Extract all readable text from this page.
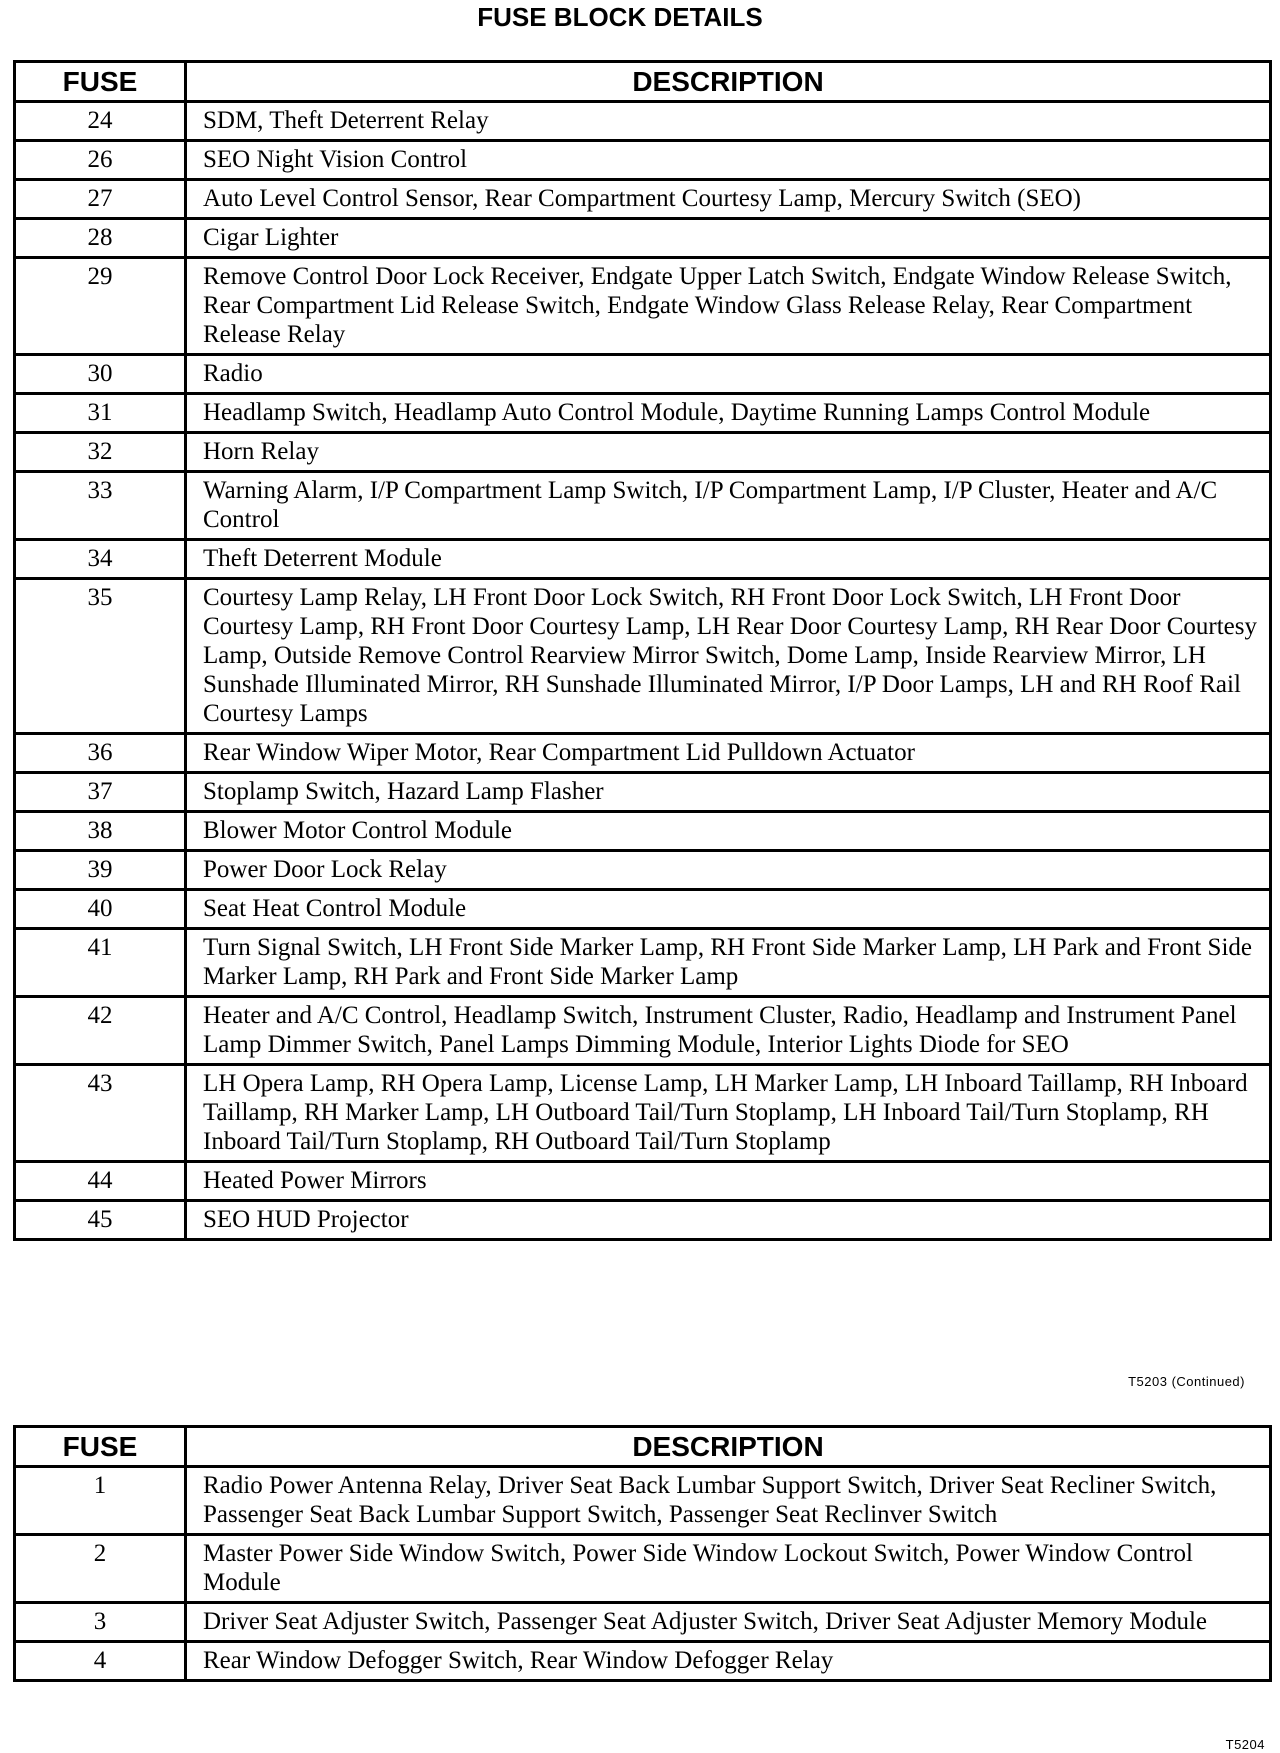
FUSE BLOCK DETAILS
FUSE	DESCRIPTION
24	SDM, Theft Deterrent Relay
26	SEO Night Vision Control
27	Auto Level Control Sensor, Rear Compartment Courtesy Lamp, Mercury Switch (SEO)
28	Cigar Lighter
29	Remove Control Door Lock Receiver, Endgate Upper Latch Switch, Endgate Window Release Switch, Rear Compartment Lid Release Switch, Endgate Window Glass Release Relay, Rear Compartment Release Relay
30	Radio
31	Headlamp Switch, Headlamp Auto Control Module, Daytime Running Lamps Control Module
32	Horn Relay
33	Warning Alarm, I/P Compartment Lamp Switch, I/P Compartment Lamp, I/P Cluster, Heater and A/C Control
34	Theft Deterrent Module
35	Courtesy Lamp Relay, LH Front Door Lock Switch, RH Front Door Lock Switch, LH Front Door Courtesy Lamp, RH Front Door Courtesy Lamp, LH Rear Door Courtesy Lamp, RH Rear Door Courtesy Lamp, Outside Remove Control Rearview Mirror Switch, Dome Lamp, Inside Rearview Mirror, LH Sunshade Illuminated Mirror, RH Sunshade Illuminated Mirror, I/P Door Lamps, LH and RH Roof Rail Courtesy Lamps
36	Rear Window Wiper Motor, Rear Compartment Lid Pulldown Actuator
37	Stoplamp Switch, Hazard Lamp Flasher
38	Blower Motor Control Module
39	Power Door Lock Relay
40	Seat Heat Control Module
41	Turn Signal Switch, LH Front Side Marker Lamp, RH Front Side Marker Lamp, LH Park and Front Side Marker Lamp, RH Park and Front Side Marker Lamp
42	Heater and A/C Control, Headlamp Switch, Instrument Cluster, Radio, Headlamp and Instrument Panel Lamp Dimmer Switch, Panel Lamps Dimming Module, Interior Lights Diode for SEO
43	LH Opera Lamp, RH Opera Lamp, License Lamp, LH Marker Lamp, LH Inboard Taillamp, RH Inboard Taillamp, RH Marker Lamp, LH Outboard Tail/Turn Stoplamp, LH Inboard Tail/Turn Stoplamp, RH Inboard Tail/Turn Stoplamp, RH Outboard Tail/Turn Stoplamp
44	Heated Power Mirrors
45	SEO HUD Projector
T5203 (Continued)
FUSE	DESCRIPTION
1	Radio Power Antenna Relay, Driver Seat Back Lumbar Support Switch, Driver Seat Recliner Switch, Passenger Seat Back Lumbar Support Switch, Passenger Seat Reclinver Switch
2	Master Power Side Window Switch, Power Side Window Lockout Switch, Power Window Control Module
3	Driver Seat Adjuster Switch, Passenger Seat Adjuster Switch, Driver Seat Adjuster Memory Module
4	Rear Window Defogger Switch, Rear Window Defogger Relay
T5204
